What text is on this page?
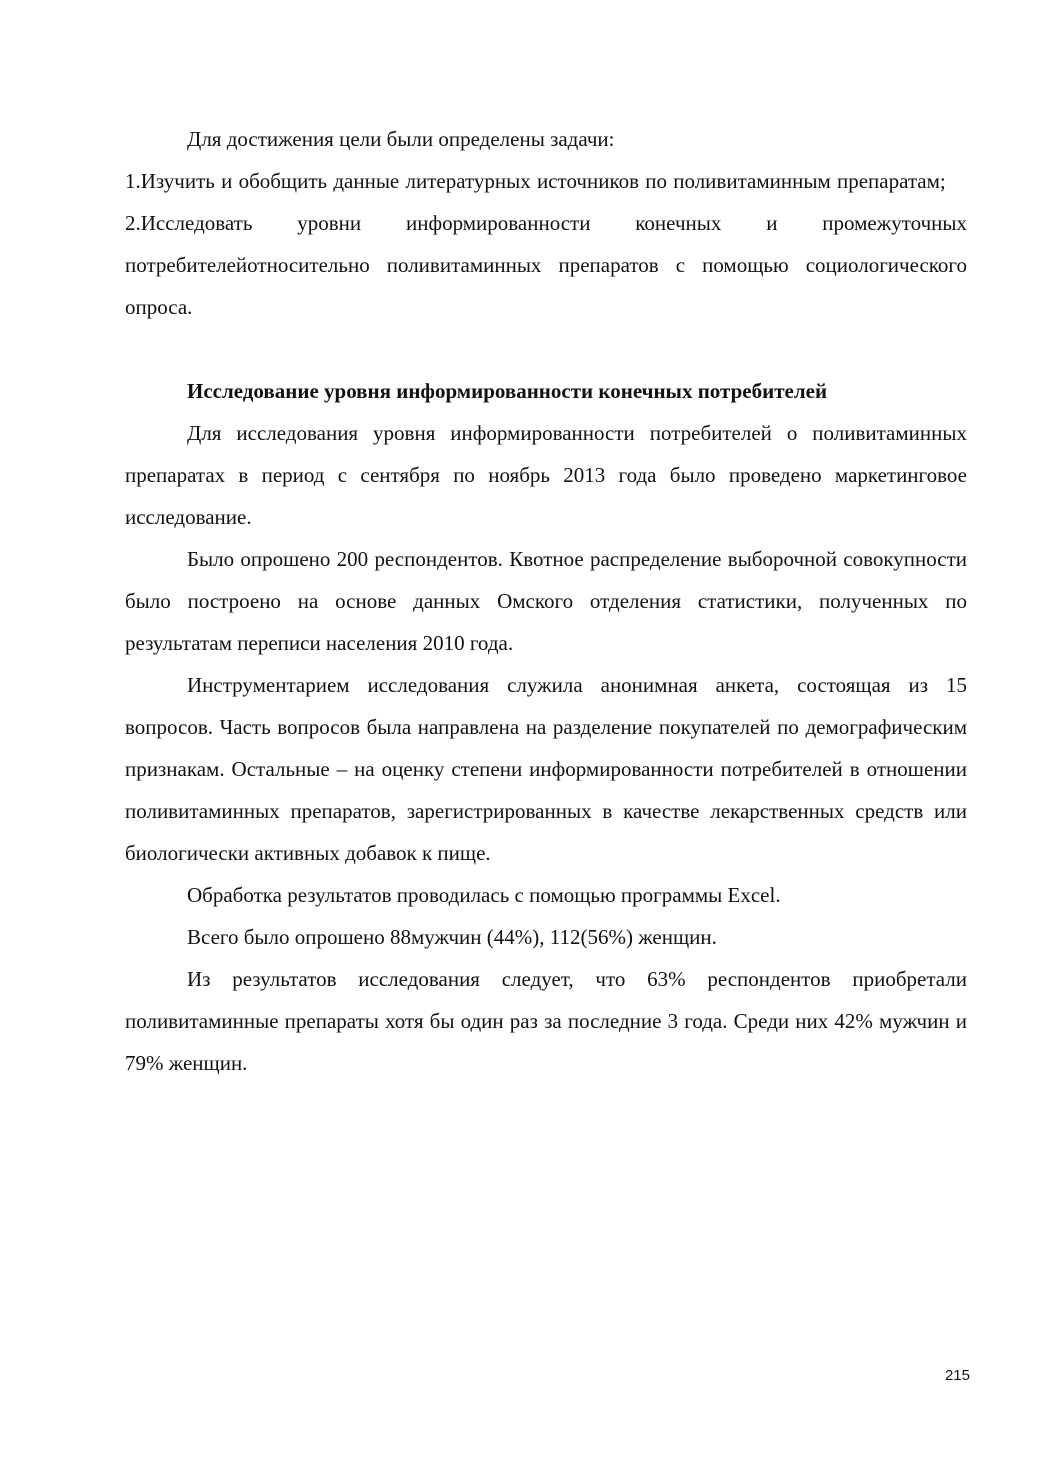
Для достижения цели были определены задачи:

1.Изучить и обобщить данные литературных источников по поливитаминным препаратам;

2.Исследовать уровни информированности конечных и промежуточных потребителейотносительно поливитаминных препаратов с помощью социологического опроса.

Исследование уровня информированности конечных потребителей

Для исследования уровня информированности потребителей о поливитаминных препаратах в период с сентября по ноябрь 2013 года было проведено маркетинговое исследование.

Было опрошено 200 респондентов. Квотное распределение выборочной совокупности было построено на основе данных Омского отделения статистики, полученных по результатам переписи населения 2010 года.

Инструментарием исследования служила анонимная анкета, состоящая из 15 вопросов. Часть вопросов была направлена на разделение покупателей по демографическим признакам. Остальные – на оценку степени информированности потребителей в отношении поливитаминных препаратов, зарегистрированных в качестве лекарственных средств или биологически активных добавок к пище.

Обработка результатов проводилась с помощью программы Excel.

Всего было опрошено 88мужчин (44%), 112(56%) женщин.

Из результатов исследования следует, что 63% респондентов приобретали поливитаминные препараты хотя бы один раз за последние 3 года. Среди них 42% мужчин и 79% женщин.

215
